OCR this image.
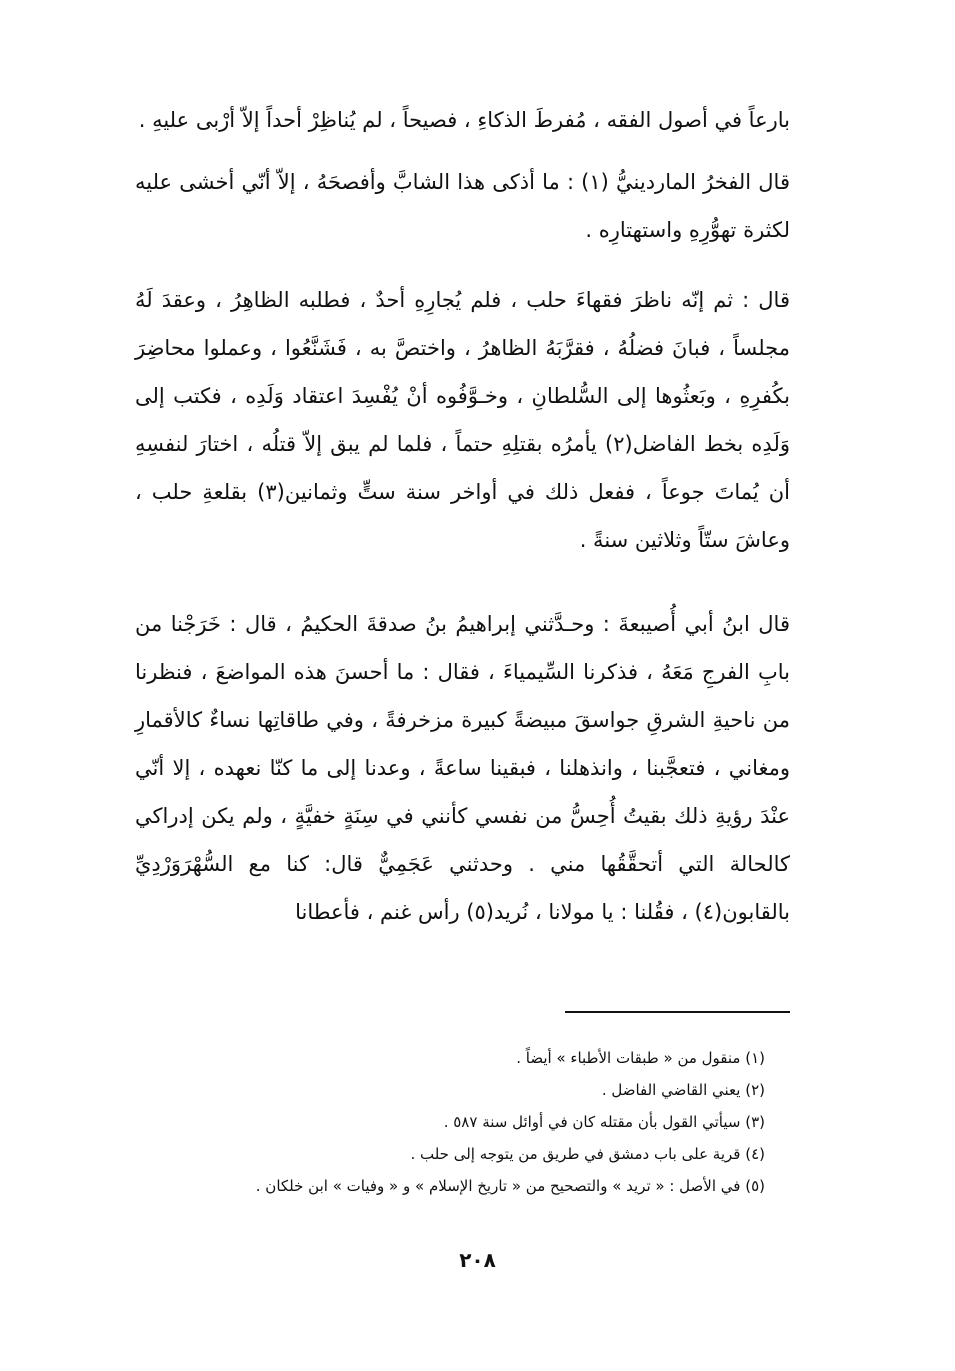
بارعاً في أصول الفقه ، مُفرطَ الذكاءِ ، فصيحاً ، لم يُناظِرْ أحداً إلاّ أرْبى عليهِ .

قال الفخرُ الماردينيُّ (١) : ما أذكى هذا الشابَّ وأفصحَهُ ، إلاّ أنّي أخشى عليه لكثرة تهوُّرِهِ واستهتارِه .

قال : ثم إنّه ناظرَ فقهاءَ حلب ، فلم يُجارِهِ أحدٌ ، فطلبه الظاهِرُ ، وعقدَ لَهُ مجلساً ، فبانَ فضلُهُ ، فقرَّبَهُ الظاهرُ ، واختصَّ به ، فَشَنَّعُوا ، وعملوا محاضِرَ بكُفرِهِ ، وبَعثُوها إلى السُّلطانِ ، وخـوَّفُوه أنْ يُفْسِدَ اعتقاد وَلَدِه ، فكتب إلى وَلَدِه بخط الفاضل(٢) يأمرُه بقتلِهِ حتماً ، فلما لم يبق إلاّ قتلُه ، اختارَ لنفسِهِ أن يُماتَ جوعاً ، ففعل ذلك في أواخر سنة ستٍّ وثمانين(٣) بقلعةِ حلب ، وعاشَ ستّاً وثلاثين سنةً .

قال ابنُ أبي أُصيبعةَ : وحـدَّثني إبراهيمُ بنُ صدقةَ الحكيمُ ، قال : خَرَجْنا من بابِ الفرجِ مَعَهُ ، فذكرنا السِّيمياءَ ، فقال : ما أحسنَ هذه المواضعَ ، فنظرنا من ناحيةِ الشرقِ جواسقَ مبيضةً كبيرة مزخرفةً ، وفي طاقاتِها نساءٌ كالأقمارِ ومغاني ، فتعجَّبنا ، وانذهلنا ، فبقينا ساعةً ، وعدنا إلى ما كنّا نعهده ، إلا أنّي عنْدَ رؤيةِ ذلك بقيتُ أُحِسُّ من نفسي كأنني في سِنَةٍ خفيَّةٍ ، ولم يكن إدراكي كالحالة التي أتحقَّقُها مني . وحدثني عَجَمِيٌّ قال: كنا مع السُّهْرَوَرْدِيِّ بالقابون(٤) ، فقُلنا : يا مولانا ، نُريد(٥) رأس غنم ، فأعطانا

(١) منقول من « طبقات الأطباء » أيضاً .
(٢) يعني القاضي الفاضل .
(٣) سيأتي القول بأن مقتله كان في أوائل سنة ٥٨٧ .
(٤) قرية على باب دمشق في طريق من يتوجه إلى حلب .
(٥) في الأصل : « تريد » والتصحيح من « تاريخ الإسلام » و « وفيات » ابن خلكان .
٢٠٨
